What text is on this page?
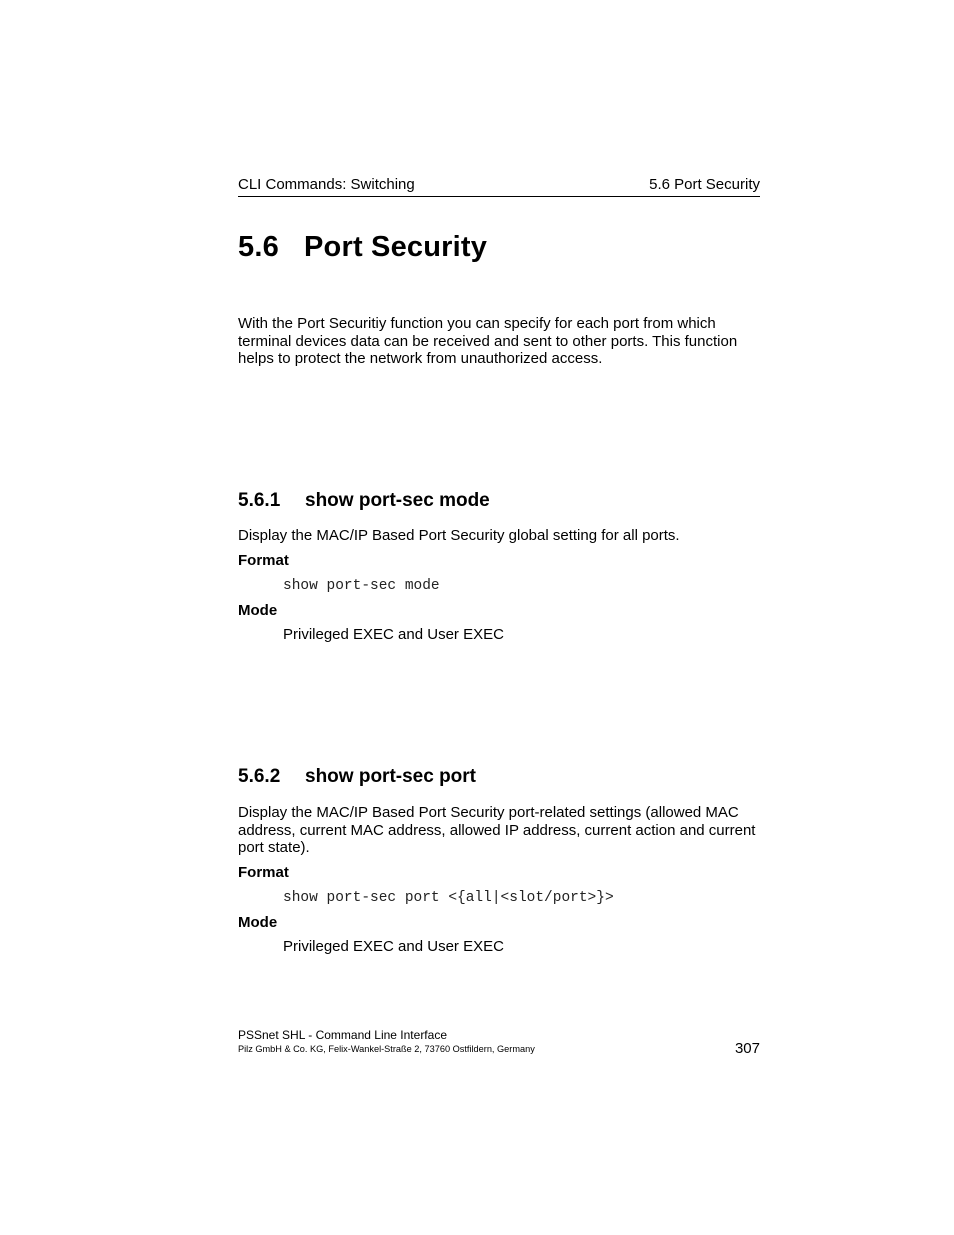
CLI Commands: Switching	5.6 Port Security
5.6 Port Security
With the Port Securitiy function you can specify for each port from which terminal devices data can be received and sent to other ports. This function helps to protect the network from unauthorized access.
5.6.1 show port-sec mode
Display the MAC/IP Based Port Security global setting for all ports.
Format
show port-sec mode
Mode
Privileged EXEC and User EXEC
5.6.2 show port-sec port
Display the MAC/IP Based Port Security port-related settings (allowed MAC address, current MAC address, allowed IP address, current action and current port state).
Format
show port-sec port <{all|<slot/port>}>
Mode
Privileged EXEC and User EXEC
PSSnet SHL - Command Line Interface
Pilz GmbH & Co. KG, Felix-Wankel-Straße 2, 73760 Ostfildern, Germany	307
